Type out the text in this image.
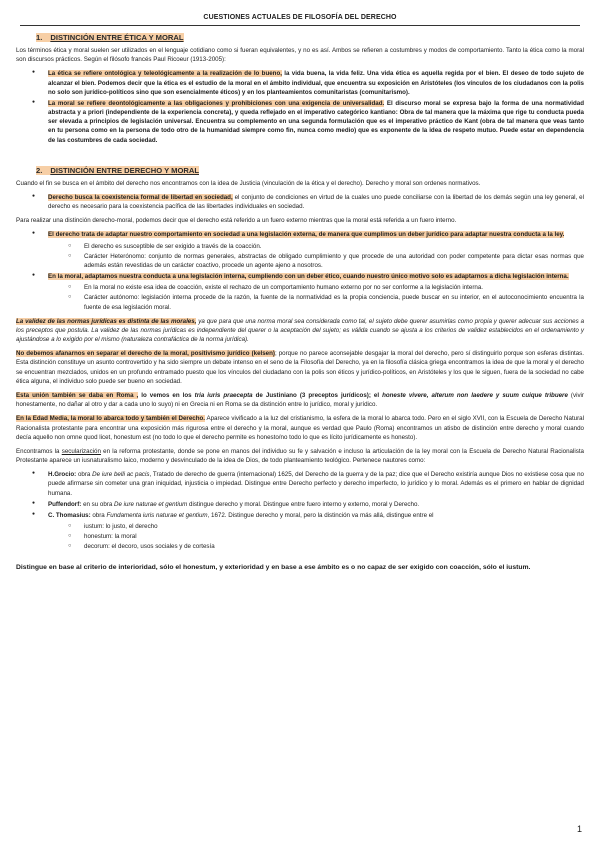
CUESTIONES ACTUALES DE FILOSOFÍA DEL DERECHO
1. DISTINCIÓN ENTRE ÉTICA Y MORAL

Los términos ética y moral suelen ser utilizados en el lenguaje cotidiano como si fueran equivalentes, y no es así. Ambos se refieren a costumbres y modos de comportamiento. Tanto la ética como la moral son discursos prácticos. Según el filósofo francés Paul Ricoeur (1913-2005):

● La ética se refiere ontológica y teleológicamente a la realización de lo bueno, la vida buena, la vida feliz. Una vida ética es aquella regida por el bien. El deseo de todo sujeto de alcanzar el bien. Podemos decir que la ética es el estudio de la moral en el ámbito individual, que encuentra su exposición en Aristóteles (los vínculos de los ciudadanos con la polis no solo son jurídico-políticos sino que son esencialmente éticos) y en los planteamientos comunitaristas (comunitarismo).
● La moral se refiere deontológicamente a las obligaciones y prohibiciones con una exigencia de universalidad. El discurso moral se expresa bajo la forma de una normatividad abstracta y a priori (independiente de la experiencia concreta), y queda reflejado en el imperativo categórico kantiano: Obra de tal manera que la máxima que rige tu conducta pueda ser elevada a principios de legislación universal. Encuentra su complemento en una segunda formulación que es el imperativo práctico de Kant (obra de tal manera que veas tanto en tu persona como en la persona de todo otro de la humanidad siempre como fin, nunca como medio) que es exponente de la idea de respeto mutuo. Puede estar en dependencia de las costumbres de cada sociedad.
2. DISTINCIÓN ENTRE DERECHO Y MORAL

Cuando el fin se busca en el ámbito del derecho nos encontramos con la idea de Justicia (vinculación de la ética y el derecho). Derecho y moral son ordenes normativos.

● Derecho busca la coexistencia formal de libertad en sociedad, el conjunto de condiciones en virtud de la cuales uno puede conciliarse con la libertad de los demás según una ley general, el derecho es necesario para la coexistencia pacífica de las libertades individuales en sociedad.

Para realizar una distinción derecho-moral, podemos decir que el derecho está referido a un fuero externo mientras que la moral está referida a un fuero interno.

● El derecho trata de adaptar nuestro comportamiento en sociedad a una legislación externa, de manera que cumplimos un deber jurídico para adaptar nuestra conducta a la ley.
○ El derecho es susceptible de ser exigido a través de la coacción.
○ Carácter Heterónomo: conjunto de normas generales, abstractas de obligado cumplimiento y que procede de una autoridad con poder competente para dictar esas normas que además están revestidas de un carácter coactivo, procede un agente ajeno a nosotros.
● En la moral, adaptamos nuestra conducta a una legislación interna, cumpliendo con un deber ético, cuando nuestro único motivo solo es adaptarnos a dicha legislación interna.
○ En la moral no existe esa idea de coacción, existe el rechazo de un comportamiento humano externo por no ser conforme a la legislación interna.
○ Carácter autónomo: legislación interna procede de la razón, la fuente de la normatividad es la propia conciencia, puede buscar en su interior, en el autoconocimiento encuentra la fuente de esa legislación moral.

La validez de las normas jurídicas es distinta de las morales, ya que para que una norma moral sea considerada como tal, el sujeto debe querer asumirlas como propia y querer adecuar sus acciones a los preceptos que postula. La validez de las normas jurídicas es independiente del querer o la aceptación del sujeto; es válida cuando se ajusta a los criterios de validez establecidos en el ordenamiento y ajustándose a lo exigido por el mismo (naturaleza contrafáctica de la norma jurídica).

No debemos afanarnos en separar el derecho de la moral, positivismo jurídico (kelsen); porque no parece aconsejable desgajar la moral del derecho, pero sí distinguirlo porque son esferas distintas. Esta distinción constituye un asunto controvertido y ha sido siempre un debate intenso en el seno de la Filosofía del Derecho, ya en la filosofía clásica griega encontramos la idea de que la moral y el derecho se encuentran mezclados, unidos en un profundo entramado puesto que los vínculos del ciudadano con la polis son éticos y jurídico-políticos, en Aristóteles y los que le siguen, fuera de la sociedad no cabe ética alguna, el individuo solo puede ser bueno en sociedad.

Esta unión también se daba en Roma , lo vemos en los tria iuris praecepta de Justiniano (3 preceptos jurídicos); el honeste vivere, alterum non laedere y suum cuique tribuere (vivir honestamente, no dañar al otro y dar a cada uno lo suyo) ni en Grecia ni en Roma se da distinción entre lo jurídico, moral y jurídico.

En la Edad Media, la moral lo abarca todo y también el Derecho. Aparece vivificado a la luz del cristianismo, la esfera de la moral lo abarca todo. Pero en el siglo XVII, con la Escuela de Derecho Natural Racionalista protestante para encontrar una exposición más rigurosa entre el derecho y la moral, aunque es verdad que Paulo (Roma) encontramos un atisbo de distinción entre derecho y moral cuando decía aquello non omne quod licet, honestum est (no todo lo que el derecho permite es honesto/no todo lo que es lícito jurídicamente es honesto).

Encontramos la secularización en la reforma protestante, donde se pone en manos del individuo su fe y salvación e incluso la articulación de la ley moral con la Escuela de Derecho Natural Racionalista Protestante aparece un iusnaturalismo laico, moderno y desvinculado de la idea de Dios, de todo planteamiento teológico. Pertenece nautores como:

● H.Grocio: obra De iure belli ac pacis, Tratado de derecho de guerra (internacional) 1625, del Derecho de la guerra y de la paz; dice que el Derecho existiría aunque Dios no existiese cosa que no puede afirmarse sin cometer una gran iniquidad, injusticia o impiedad. Distingue entre Derecho perfecto y derecho imperfecto, lo jurídico y lo moral. Además es el primero en hablar de dignidad humana.
● Puffendorf: en su obra De iure naturae et gentium distingue derecho y moral. Distingue entre fuero interno y externo, moral y Derecho.
● C. Thomasius: obra Fundamenta iuris naturae et gentium, 1672. Distingue derecho y moral, pero la distinción va más allá, distingue entre el
○ iustum: lo justo, el derecho
○ honestum: la moral
○ decorum: el decoro, usos sociales y de cortesía

Distingue en base al criterio de interioridad, sólo el honestum, y exterioridad y en base a ese ámbito es o no capaz de ser exigido con coacción, sólo el iustum.

1
